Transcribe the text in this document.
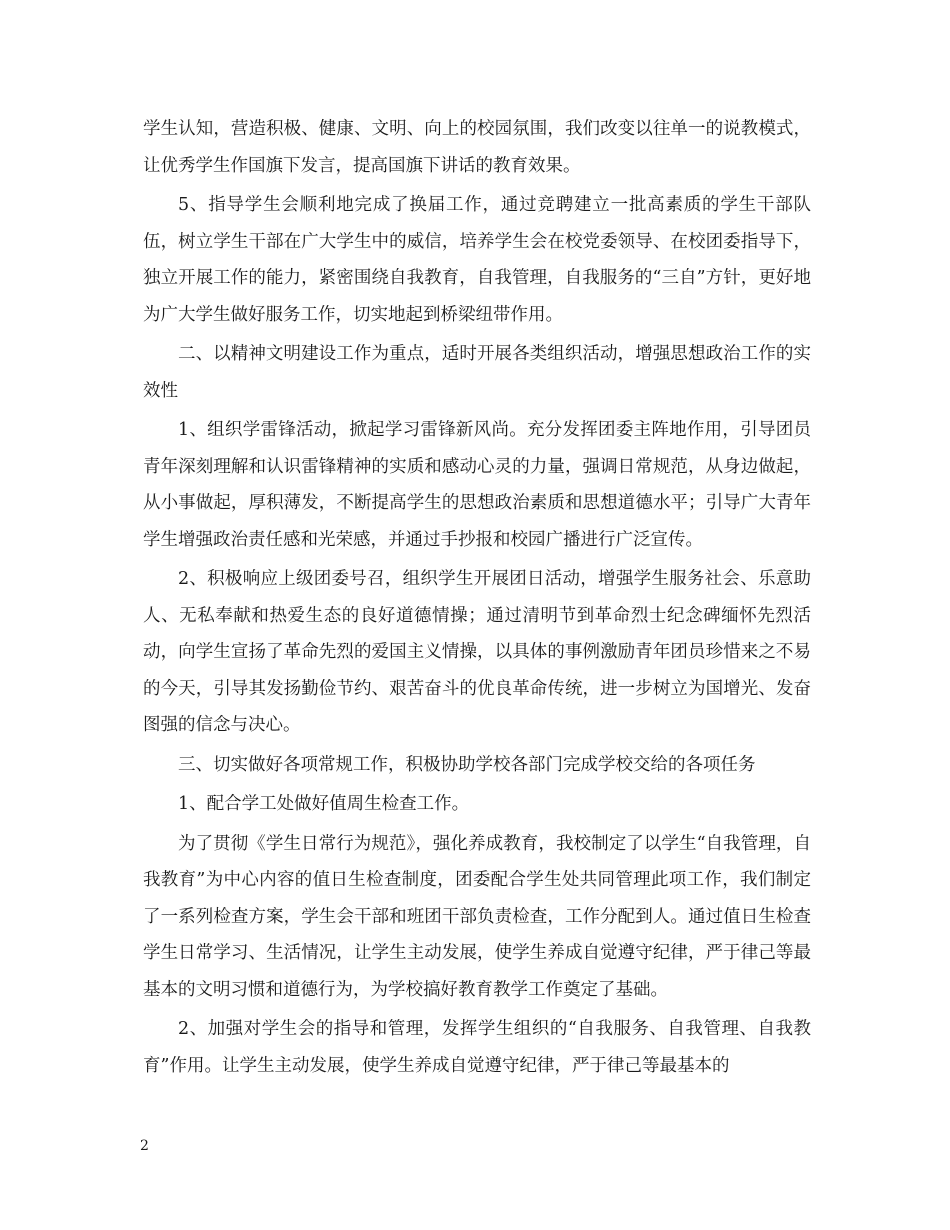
学生认知，营造积极、健康、文明、向上的校园氛围，我们改变以往单一的说教模式，让优秀学生作国旗下发言，提高国旗下讲话的教育效果。

5、指导学生会顺利地完成了换届工作，通过竞聘建立一批高素质的学生干部队伍，树立学生干部在广大学生中的威信，培养学生会在校党委领导、在校团委指导下，独立开展工作的能力，紧密围绕自我教育，自我管理，自我服务的“三自”方针，更好地为广大学生做好服务工作，切实地起到桥梁纽带作用。

二、以精神文明建设工作为重点，适时开展各类组织活动，增强思想政治工作的实效性

1、组织学雷锋活动，掀起学习雷锋新风尚。充分发挥团委主阵地作用，引导团员青年深刻理解和认识雷锋精神的实质和感动心灵的力量，强调日常规范，从身边做起，从小事做起，厚积薄发，不断提高学生的思想政治素质和思想道德水平；引导广大青年学生增强政治责任感和光荣感，并通过手抄报和校园广播进行广泛宣传。

2、积极响应上级团委号召，组织学生开展团日活动，增强学生服务社会、乐意助人、无私奉献和热爱生态的良好道德情操；通过清明节到革命烈士纪念碑缅怀先烈活动，向学生宣扬了革命先烈的爱国主义情操，以具体的事例激励青年团员珍惜来之不易的今天，引导其发扬勤俭节约、艰苦奋斗的优良革命传统，进一步树立为国增光、发奋图强的信念与决心。

三、切实做好各项常规工作，积极协助学校各部门完成学校交给的各项任务

1、配合学工处做好值周生检查工作。

为了贯彻《学生日常行为规范》，强化养成教育，我校制定了以学生“自我管理，自我教育”为中心内容的值日生检查制度，团委配合学生处共同管理此项工作，我们制定了一系列检查方案，学生会干部和班团干部负责检查，工作分配到人。通过值日生检查学生日常学习、生活情况，让学生主动发展，使学生养成自觉遵守纪律，严于律己等最基本的文明习惯和道德行为，为学校搞好教育教学工作奠定了基础。

2、加强对学生会的指导和管理，发挥学生组织的“自我服务、自我管理、自我教育”作用。让学生主动发展，使学生养成自觉遵守纪律，严于律己等最基本的

2
